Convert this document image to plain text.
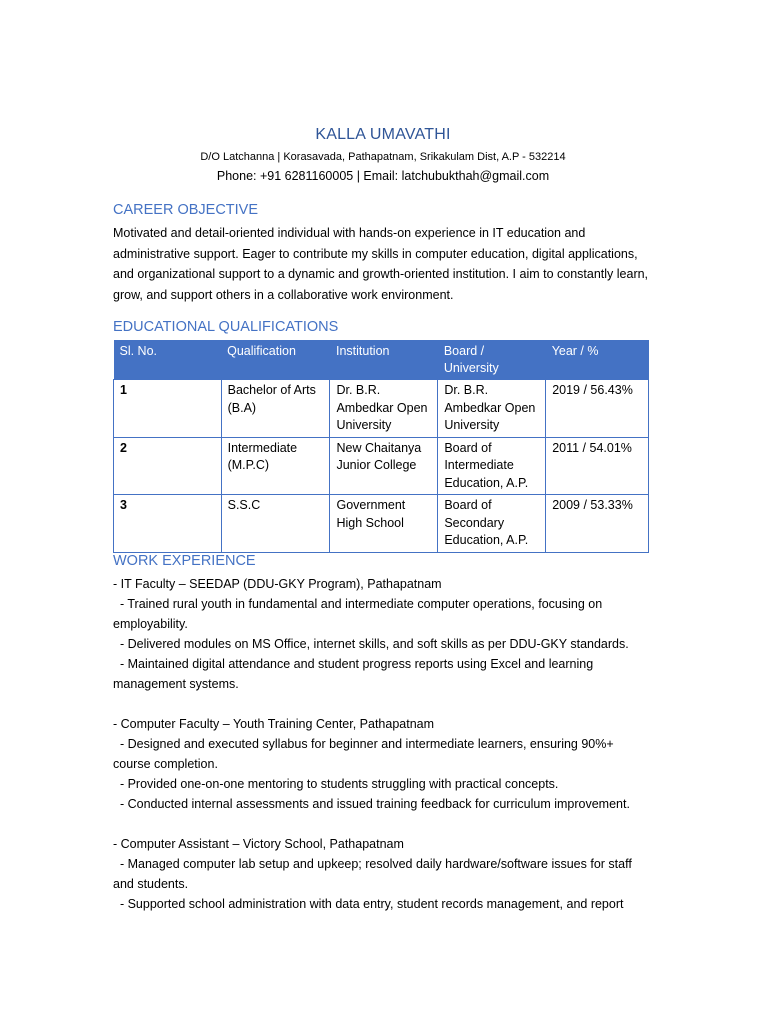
KALLA UMAVATHI
D/O Latchanna | Korasavada, Pathapatnam, Srikakulam Dist, A.P - 532214
Phone: +91 6281160005 | Email: latchubukthah@gmail.com
CAREER OBJECTIVE
Motivated and detail-oriented individual with hands-on experience in IT education and administrative support. Eager to contribute my skills in computer education, digital applications, and organizational support to a dynamic and growth-oriented institution. I aim to constantly learn, grow, and support others in a collaborative work environment.
EDUCATIONAL QUALIFICATIONS
Sl. No.	Qualification	Institution	Board / University	Year / %
1	Bachelor of Arts (B.A)	Dr. B.R. Ambedkar Open University	Dr. B.R. Ambedkar Open University	2019 / 56.43%
2	Intermediate (M.P.C)	New Chaitanya Junior College	Board of Intermediate Education, A.P.	2011 / 54.01%
3	S.S.C	Government High School	Board of Secondary Education, A.P.	2009 / 53.33%
WORK EXPERIENCE
- IT Faculty – SEEDAP (DDU-GKY Program), Pathapatnam
- Trained rural youth in fundamental and intermediate computer operations, focusing on employability.
- Delivered modules on MS Office, internet skills, and soft skills as per DDU-GKY standards.
- Maintained digital attendance and student progress reports using Excel and learning management systems.
- Computer Faculty – Youth Training Center, Pathapatnam
- Designed and executed syllabus for beginner and intermediate learners, ensuring 90%+ course completion.
- Provided one-on-one mentoring to students struggling with practical concepts.
- Conducted internal assessments and issued training feedback for curriculum improvement.
- Computer Assistant – Victory School, Pathapatnam
- Managed computer lab setup and upkeep; resolved daily hardware/software issues for staff and students.
- Supported school administration with data entry, student records management, and report
